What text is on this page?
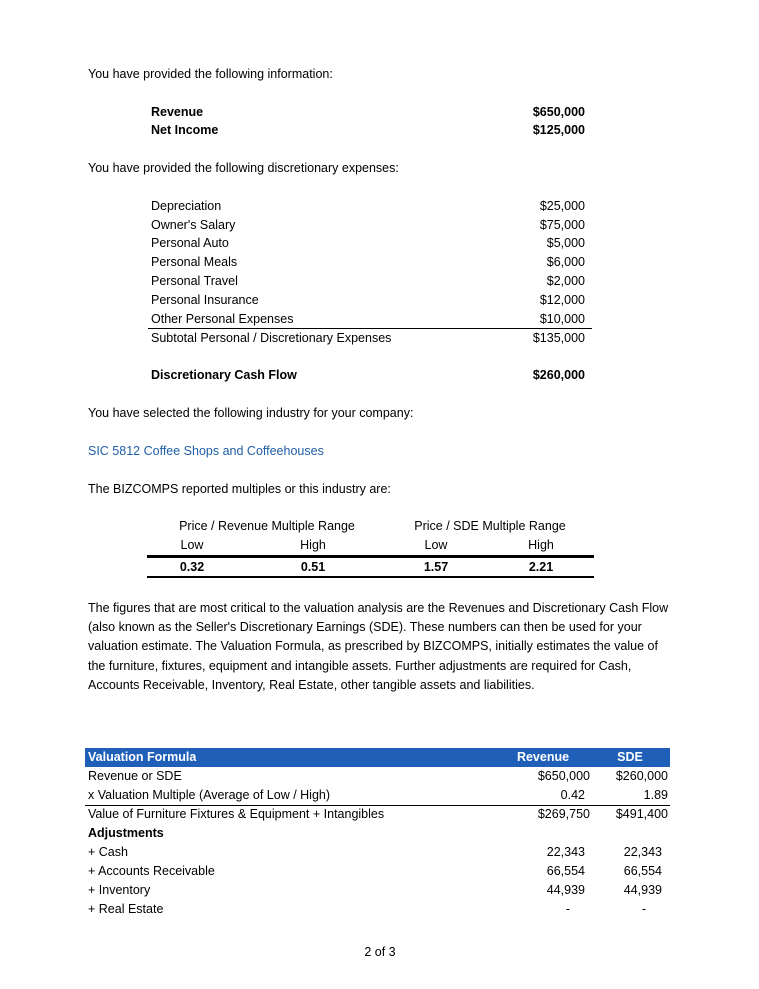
You have provided the following information:
Revenue	$650,000
Net Income	$125,000
You have provided the following discretionary expenses:
Depreciation	$25,000
Owner's Salary	$75,000
Personal Auto	$5,000
Personal Meals	$6,000
Personal Travel	$2,000
Personal Insurance	$12,000
Other Personal Expenses	$10,000
Subtotal Personal / Discretionary Expenses	$135,000
Discretionary Cash Flow	$260,000
You have selected the following industry for your company:
SIC 5812 Coffee Shops and Coffeehouses
The BIZCOMPS reported multiples or this industry are:
Price / Revenue Multiple Range	Price / SDE Multiple Range
Low	High	Low	High
0.32	0.51	1.57	2.21
The figures that are most critical to the valuation analysis are the Revenues and Discretionary Cash Flow (also known as the Seller's Discretionary Earnings (SDE). These numbers can then be used for your valuation estimate. The Valuation Formula, as prescribed by BIZCOMPS, initially estimates the value of the furniture, fixtures, equipment and intangible assets. Further adjustments are required for Cash, Accounts Receivable, Inventory, Real Estate, other tangible assets and liabilities.
Valuation Formula	Revenue	SDE
Revenue or SDE	$650,000	$260,000
x Valuation Multiple (Average of Low / High)	0.42	1.89
Value of Furniture Fixtures & Equipment + Intangibles	$269,750	$491,400
Adjustments
+ Cash	22,343	22,343
+ Accounts Receivable	66,554	66,554
+ Inventory	44,939	44,939
+ Real Estate	-	-
2 of 3
